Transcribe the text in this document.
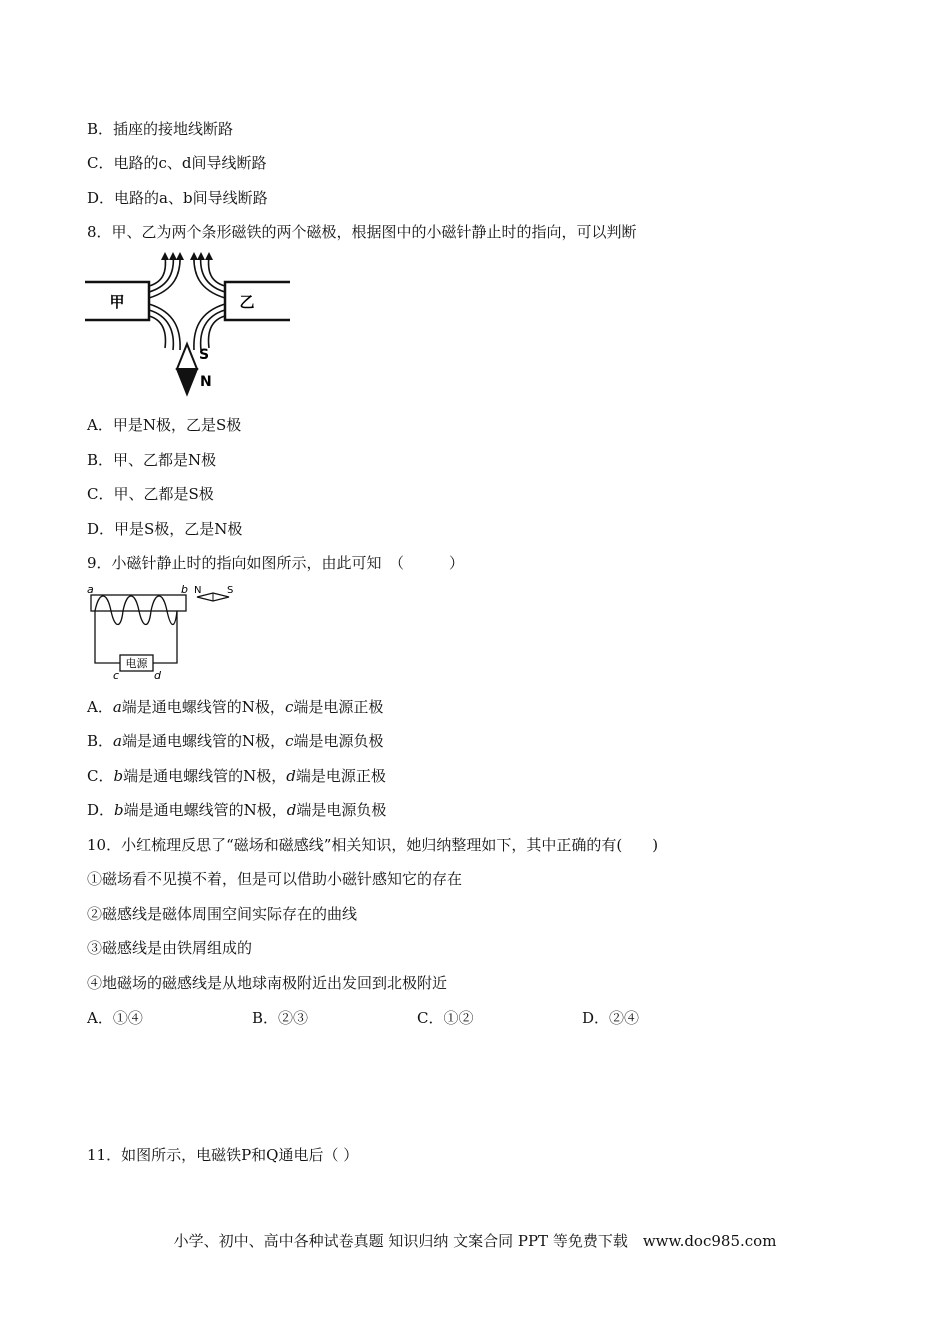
B．插座的接地线断路
C．电路的c、d间导线断路
D．电路的a、b间导线断路
8．甲、乙为两个条形磁铁的两个磁极，根据图中的小磁针静止时的指向，可以判断
甲	乙
S
N
A．甲是N极，乙是S极
B．甲、乙都是N极
C．甲、乙都是S极
D．甲是S极，乙是N极
9．小磁针静止时的指向如图所示，由此可知　（　　　）
a	b
电源
c	d
N	S
A．a端是通电螺线管的N极，c端是电源正极
B．a端是通电螺线管的N极，c端是电源负极
C．b端是通电螺线管的N极，d端是电源正极
D．b端是通电螺线管的N极，d端是电源负极
10．小红梳理反思了“磁场和磁感线”相关知识，她归纳整理如下，其中正确的有(　　)
①磁场看不见摸不着，但是可以借助小磁针感知它的存在
②磁感线是磁体周围空间实际存在的曲线
③磁感线是由铁屑组成的
④地磁场的磁感线是从地球南极附近出发回到北极附近
A．①④	B．②③	C．①②	D．②④
11．如图所示，电磁铁P和Q通电后（ ）
小学、初中、高中各种试卷真题 知识归纳 文案合同 PPT 等免费下载　www.doc985.com
